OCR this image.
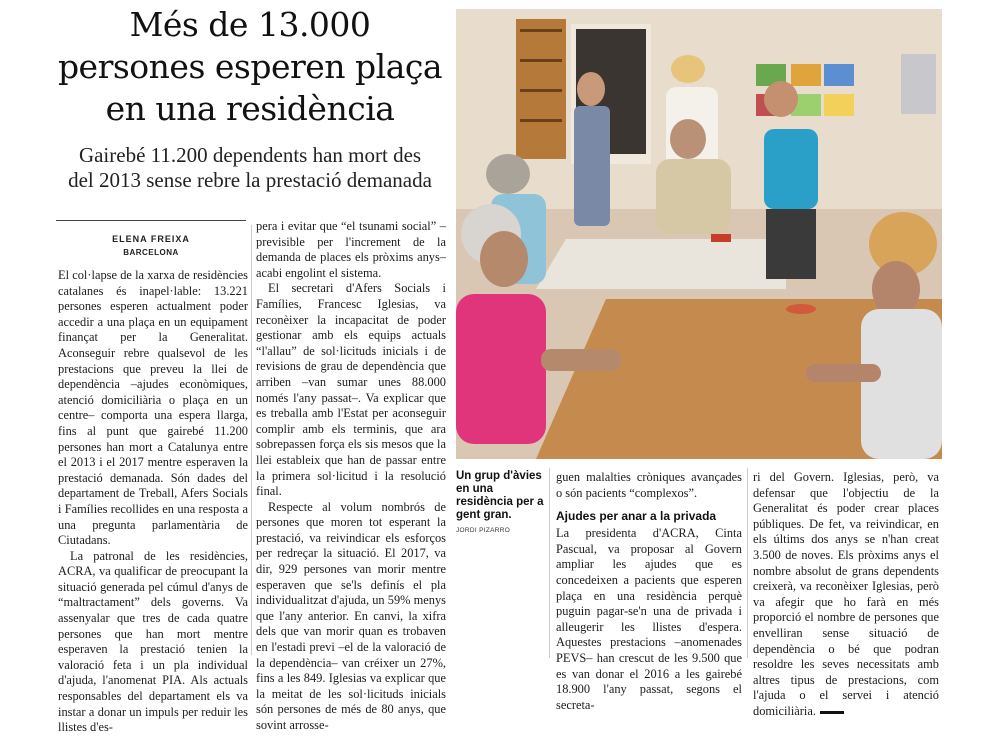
Més de 13.000
persones esperen plaça
en una residència
Gairebé 11.200 dependents han mort des
del 2013 sense rebre la prestació demanada
ELENA FREIXA
BARCELONA

El col·lapse de la xarxa de residències catalanes és inapel·lable: 13.221 persones esperen actualment poder accedir a una plaça en un equipament finançat per la Generalitat. Aconseguir rebre qualsevol de les prestacions que preveu la llei de dependència –ajudes econòmiques, atenció domiciliària o plaça en un centre– comporta una espera llarga, fins al punt que gairebé 11.200 persones han mort a Catalunya entre el 2013 i el 2017 mentre esperaven la prestació demanada. Són dades del departament de Treball, Afers Socials i Famílies recollides en una resposta a una pregunta parlamentària de Ciutadans.

La patronal de les residències, ACRA, va qualificar de preocupant la situació generada pel cúmul d'anys de “maltractament” dels governs. Va assenyalar que tres de cada quatre persones que han mort mentre esperaven la prestació tenien la valoració feta i un pla individual d'ajuda, l'anomenat PIA. Als actuals responsables del departament els va instar a donar un impuls per reduir les llistes d'es-

pera i evitar que “el tsunami social” –previsible per l'increment de la demanda de places els pròxims anys– acabi engolint el sistema.

El secretari d'Afers Socials i Famílies, Francesc Iglesias, va reconèixer la incapacitat de poder gestionar amb els equips actuals “l'allau” de sol·licituds inicials i de revisions de grau de dependència que arriben –van sumar unes 88.000 només l'any passat–. Va explicar que es treballa amb l'Estat per aconseguir complir amb els terminis, que ara sobrepassen força els sis mesos que la llei estableix que han de passar entre la primera sol·licitud i la resolució final.

Respecte al volum nombrós de persones que moren tot esperant la prestació, va reivindicar els esforços per redreçar la situació. El 2017, va dir, 929 persones van morir mentre esperaven que se'ls definís el pla individualitzat d'ajuda, un 59% menys que l'any anterior. En canvi, la xifra dels que van morir quan es trobaven en l'estadi previ –el de la valoració de la dependència– van créixer un 27%, fins a les 849. Iglesias va explicar que la meitat de les sol·licituds inicials són persones de més de 80 anys, que sovint arrosse-

Un grup d'àvies en una residència per a gent gran.
JORDI PIZARRO

guen malalties cròniques avançades o són pacients “complexos”.

Ajudes per anar a la privada

La presidenta d'ACRA, Cinta Pascual, va proposar al Govern ampliar les ajudes que es concedeixen a pacients que esperen plaça en una residència perquè puguin pagar-se'n una de privada i alleugerir les llistes d'espera. Aquestes prestacions –anomenades PEVS– han crescut de les 9.500 que es van donar el 2016 a les gairebé 18.900 l'any passat, segons el secreta-

ri del Govern. Iglesias, però, va defensar que l'objectiu de la Generalitat és poder crear places públiques. De fet, va reivindicar, en els últims dos anys se n'han creat 3.500 de noves. Els pròxims anys el nombre absolut de grans dependents creixerà, va reconèixer Iglesias, però va afegir que ho farà en més proporció el nombre de persones que envelliran sense situació de dependència o bé que podran resoldre les seves necessitats amb altres tipus de prestacions, com l'ajuda o el servei i atenció domiciliària.
